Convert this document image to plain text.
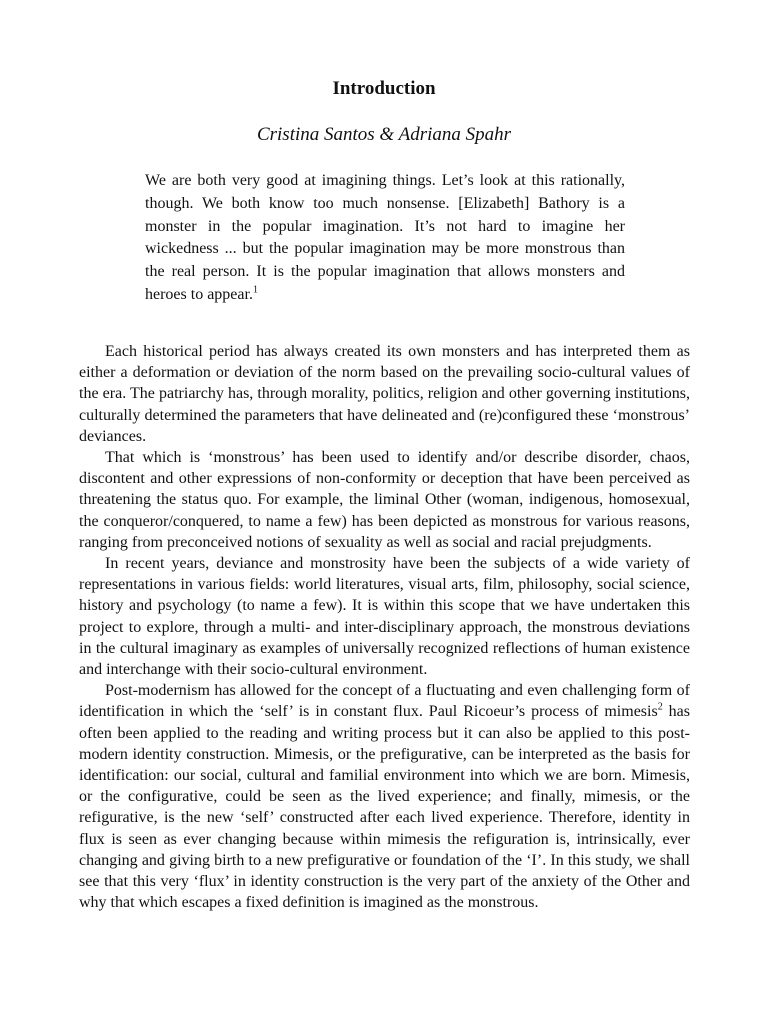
Introduction
Cristina Santos & Adriana Spahr

We are both very good at imagining things. Let’s look at this rationally, though. We both know too much nonsense. [Elizabeth] Bathory is a monster in the popular imagination. It’s not hard to imagine her wickedness ... but the popular imagination may be more monstrous than the real person. It is the popular imagination that allows monsters and heroes to appear.$^1$

Each historical period has always created its own monsters and has interpreted them as either a deformation or deviation of the norm based on the prevailing socio-cultural values of the era. The patriarchy has, through morality, politics, religion and other governing institutions, culturally determined the parameters that have delineated and (re)configured these ‘monstrous’ deviances.

That which is ‘monstrous’ has been used to identify and/or describe disorder, chaos, discontent and other expressions of non-conformity or deception that have been perceived as threatening the status quo. For example, the liminal Other (woman, indigenous, homosexual, the conqueror/conquered, to name a few) has been depicted as monstrous for various reasons, ranging from preconceived notions of sexuality as well as social and racial prejudgments.

In recent years, deviance and monstrosity have been the subjects of a wide variety of representations in various fields: world literatures, visual arts, film, philosophy, social science, history and psychology (to name a few). It is within this scope that we have undertaken this project to explore, through a multi- and inter-disciplinary approach, the monstrous deviations in the cultural imaginary as examples of universally recognized reflections of human existence and interchange with their socio-cultural environment.

Post-modernism has allowed for the concept of a fluctuating and even challenging form of identification in which the ‘self’ is in constant flux. Paul Ricoeur’s process of mimesis$^2$ has often been applied to the reading and writing process but it can also be applied to this post-modern identity construction. Mimesis, or the prefigurative, can be interpreted as the basis for identification: our social, cultural and familial environment into which we are born. Mimesis, or the configurative, could be seen as the lived experience; and finally, mimesis, or the refigurative, is the new ‘self’ constructed after each lived experience. Therefore, identity in flux is seen as ever changing because within mimesis the refiguration is, intrinsically, ever changing and giving birth to a new prefigurative or foundation of the ‘I’. In this study, we shall see that this very ‘flux’ in identity construction is the very part of the anxiety of the Other and why that which escapes a fixed definition is imagined as the monstrous.
